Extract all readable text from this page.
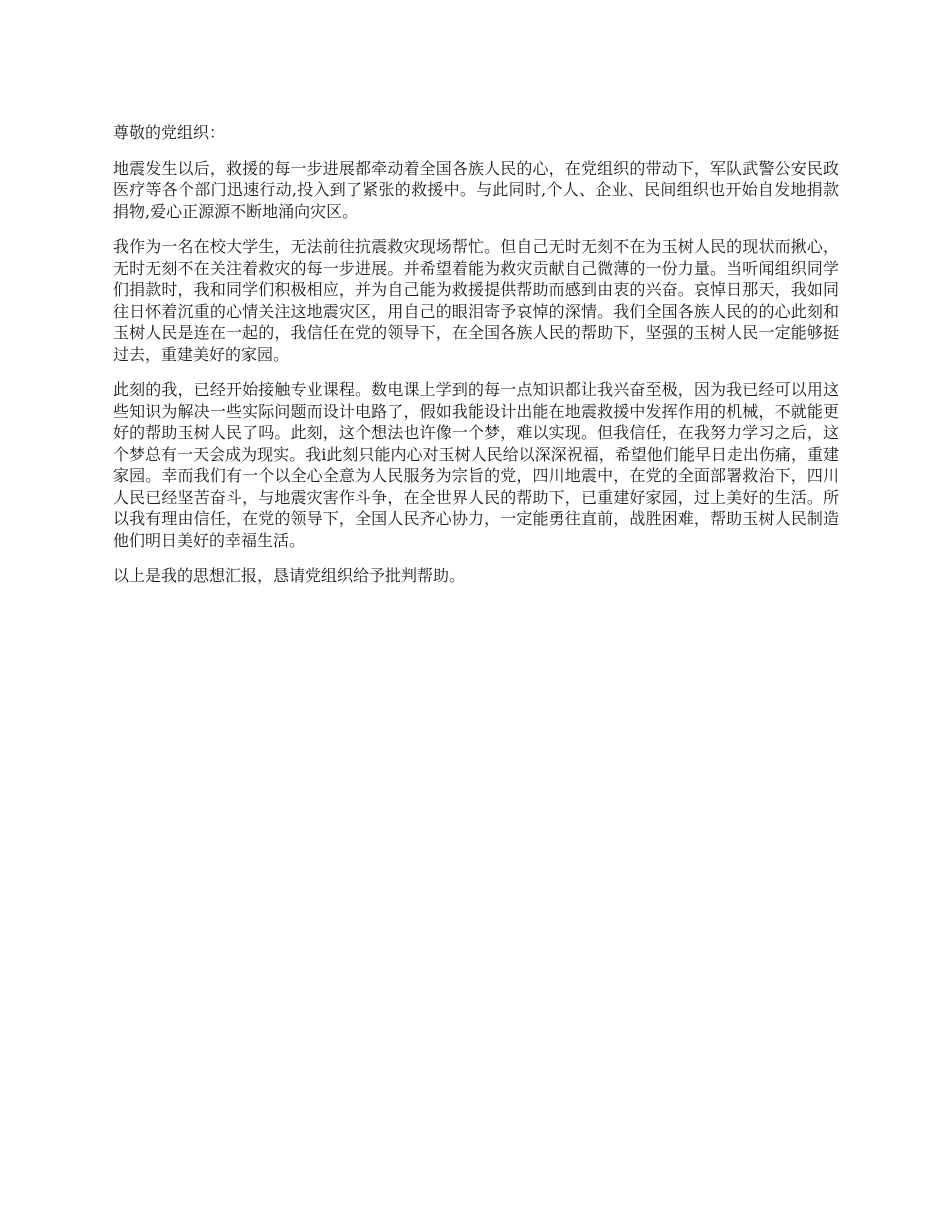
尊敬的党组织：

地震发生以后，救援的每一步进展都牵动着全国各族人民的心，在党组织的带动下，军队武警公安民政医疗等各个部门迅速行动,投入到了紧张的救援中。与此同时,个人、企业、民间组织也开始自发地捐款捐物,爱心正源源不断地涌向灾区。

我作为一名在校大学生，无法前往抗震救灾现场帮忙。但自己无时无刻不在为玉树人民的现状而揪心，无时无刻不在关注着救灾的每一步进展。并希望着能为救灾贡献自己微薄的一份力量。当听闻组织同学们捐款时，我和同学们积极相应，并为自己能为救援提供帮助而感到由衷的兴奋。哀悼日那天，我如同往日怀着沉重的心情关注这地震灾区，用自己的眼泪寄予哀悼的深情。我们全国各族人民的的心此刻和玉树人民是连在一起的，我信任在党的领导下，在全国各族人民的帮助下，坚强的玉树人民一定能够挺过去，重建美好的家园。

此刻的我，已经开始接触专业课程。数电课上学到的每一点知识都让我兴奋至极，因为我已经可以用这些知识为解决一些实际问题而设计电路了，假如我能设计出能在地震救援中发挥作用的机械，不就能更好的帮助玉树人民了吗。此刻，这个想法也许像一个梦，难以实现。但我信任，在我努力学习之后，这个梦总有一天会成为现实。我i此刻只能内心对玉树人民给以深深祝福，希望他们能早日走出伤痛，重建家园。幸而我们有一个以全心全意为人民服务为宗旨的党，四川地震中，在党的全面部署救治下，四川人民已经坚苦奋斗，与地震灾害作斗争，在全世界人民的帮助下，已重建好家园，过上美好的生活。所以我有理由信任，在党的领导下，全国人民齐心协力，一定能勇往直前，战胜困难，帮助玉树人民制造他们明日美好的幸福生活。

以上是我的思想汇报，恳请党组织给予批判帮助。
